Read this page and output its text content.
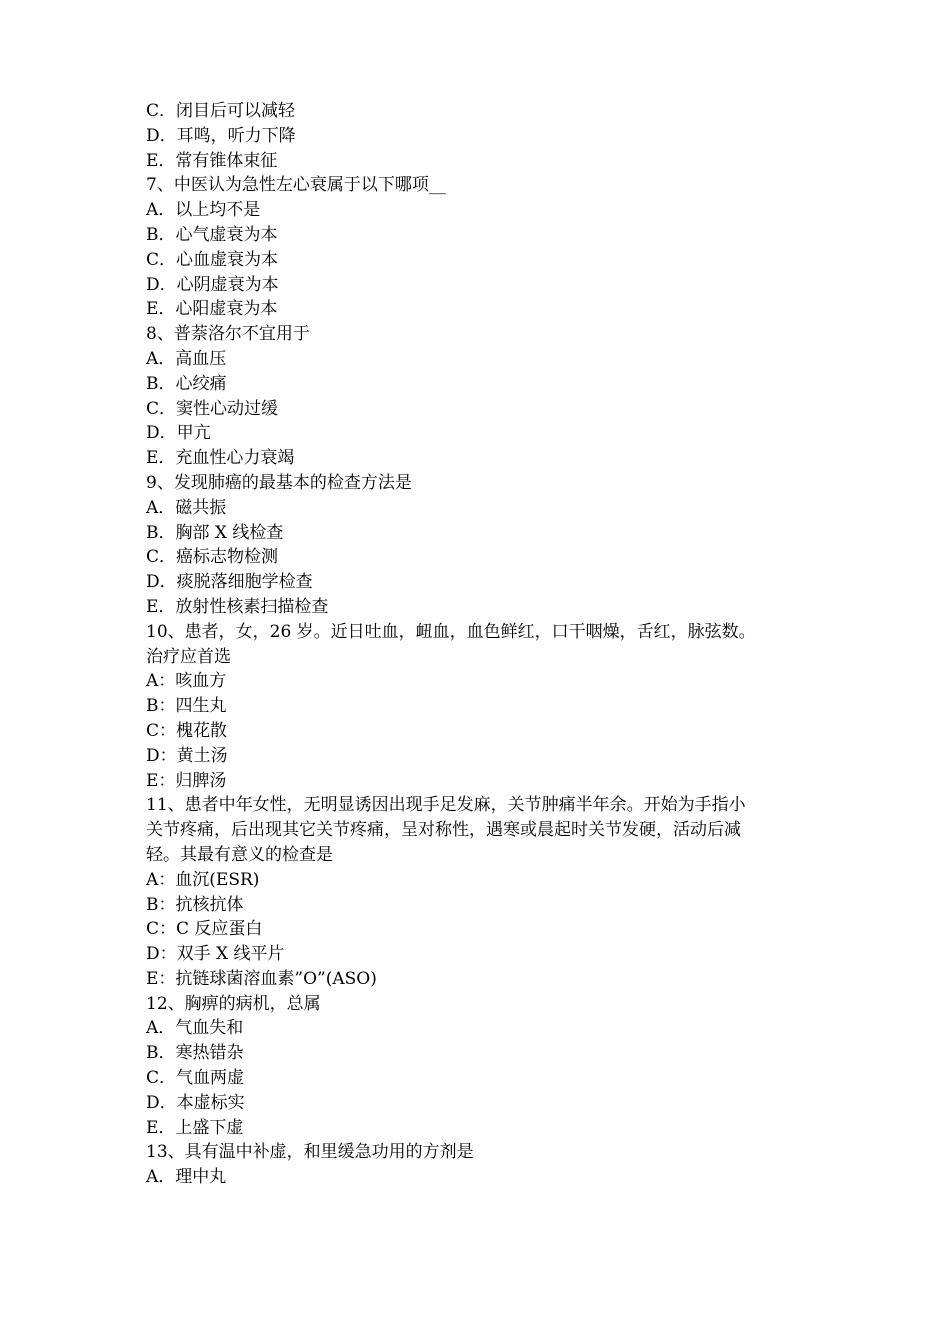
C．闭目后可以减轻
D．耳鸣，听力下降
E．常有锥体束征
7、中医认为急性左心衰属于以下哪项__
A．以上均不是
B．心气虚衰为本
C．心血虚衰为本
D．心阴虚衰为本
E．心阳虚衰为本
8、普萘洛尔不宜用于
A．高血压
B．心绞痛
C．窦性心动过缓
D．甲亢
E．充血性心力衰竭
9、发现肺癌的最基本的检查方法是
A．磁共振
B．胸部 X 线检查
C．癌标志物检测
D．痰脱落细胞学检查
E．放射性核素扫描检查
10、患者，女，26 岁。近日吐血，衄血，血色鲜红，口干咽燥，舌红，脉弦数。
治疗应首选
A：咳血方
B：四生丸
C：槐花散
D：黄土汤
E：归脾汤
11、患者中年女性，无明显诱因出现手足发麻，关节肿痛半年余。开始为手指小
关节疼痛，后出现其它关节疼痛，呈对称性，遇寒或晨起时关节发硬，活动后减
轻。其最有意义的检查是
A：血沉(ESR)
B：抗核抗体
C：C 反应蛋白
D：双手 X 线平片
E：抗链球菌溶血素”O”(ASO)
12、胸痹的病机，总属
A．气血失和
B．寒热错杂
C．气血两虚
D．本虚标实
E．上盛下虚
13、具有温中补虚，和里缓急功用的方剂是
A．理中丸
